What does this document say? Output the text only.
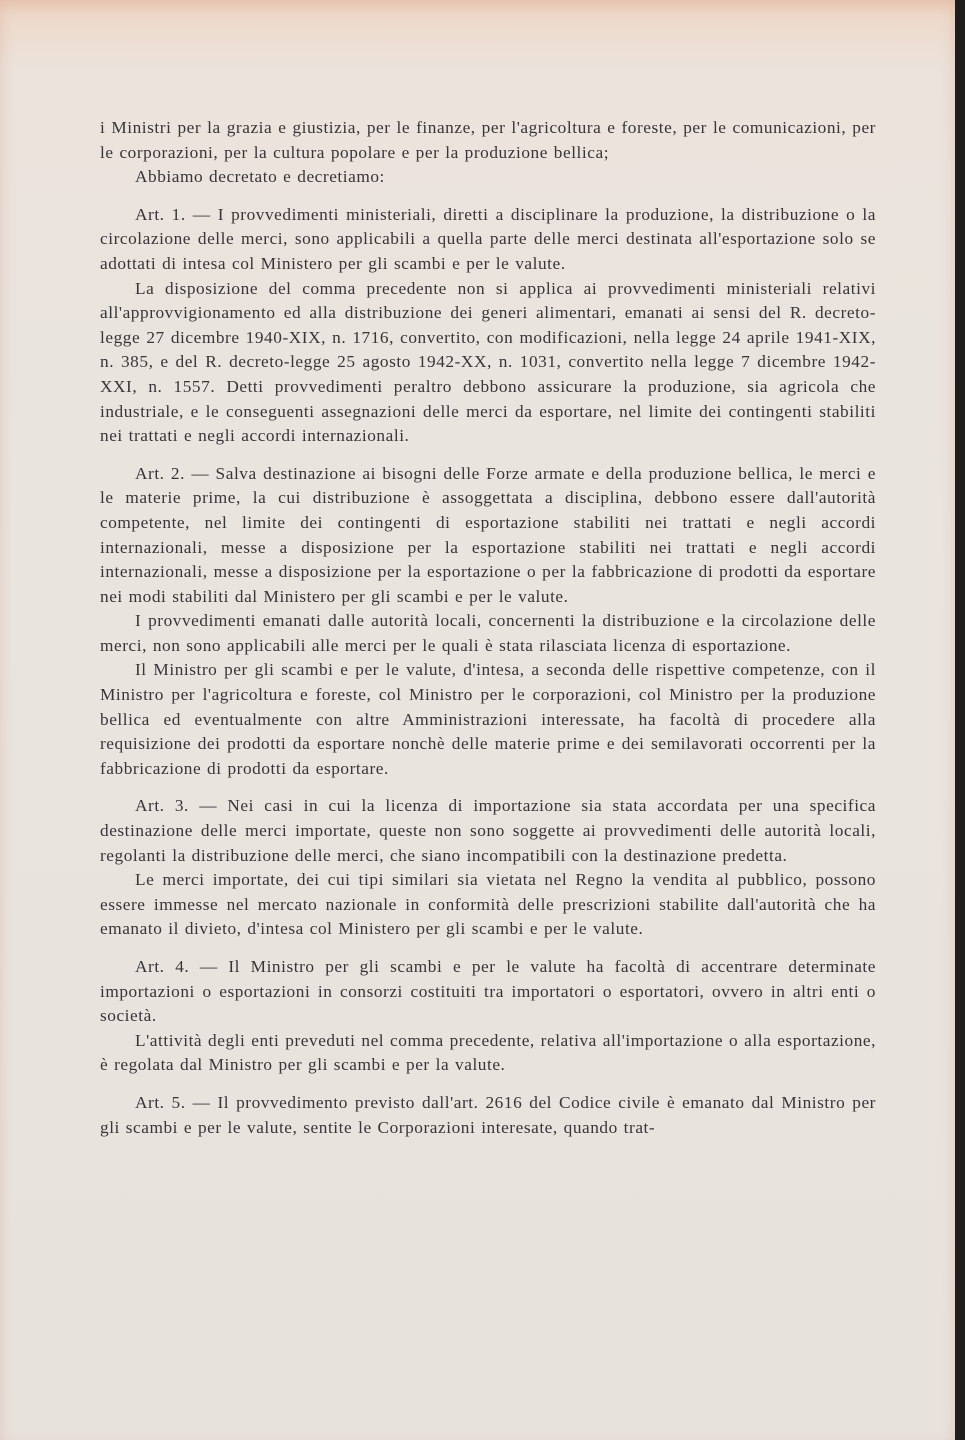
i Ministri per la grazia e giustizia, per le finanze, per l'agricoltura e foreste, per le comunicazioni, per le corporazioni, per la cultura popolare e per la produzione bellica;

Abbiamo decretato e decretiamo:

Art. 1. — I provvedimenti ministeriali, diretti a disciplinare la produzione, la distribuzione o la circolazione delle merci, sono applicabili a quella parte delle merci destinata all'esportazione solo se adottati di intesa col Ministero per gli scambi e per le valute.

La disposizione del comma precedente non si applica ai provvedimenti ministeriali relativi all'approvvigionamento ed alla distribuzione dei generi alimentari, emanati ai sensi del R. decreto-legge 27 dicembre 1940-XIX, n. 1716, convertito, con modificazioni, nella legge 24 aprile 1941-XIX, n. 385, e del R. decreto-legge 25 agosto 1942-XX, n. 1031, convertito nella legge 7 dicembre 1942-XXI, n. 1557. Detti provvedimenti peraltro debbono assicurare la produzione, sia agricola che industriale, e le conseguenti assegnazioni delle merci da esportare, nel limite dei contingenti stabiliti nei trattati e negli accordi internazionali.

Art. 2. — Salva destinazione ai bisogni delle Forze armate e della produzione bellica, le merci e le materie prime, la cui distribuzione è assoggettata a disciplina, debbono essere dall'autorità competente, nel limite dei contingenti di esportazione stabiliti nei trattati e negli accordi internazionali, messe a disposizione per la esportazione stabiliti nei trattati e negli accordi internazionali, messe a disposizione per la esportazione o per la fabbricazione di prodotti da esportare nei modi stabiliti dal Ministero per gli scambi e per le valute.

I provvedimenti emanati dalle autorità locali, concernenti la distribuzione e la circolazione delle merci, non sono applicabili alle merci per le quali è stata rilasciata licenza di esportazione.

Il Ministro per gli scambi e per le valute, d'intesa, a seconda delle rispettive competenze, con il Ministro per l'agricoltura e foreste, col Ministro per le corporazioni, col Ministro per la produzione bellica ed eventualmente con altre Amministrazioni interessate, ha facoltà di procedere alla requisizione dei prodotti da esportare nonchè delle materie prime e dei semilavorati occorrenti per la fabbricazione di prodotti da esportare.

Art. 3. — Nei casi in cui la licenza di importazione sia stata accordata per una specifica destinazione delle merci importate, queste non sono soggette ai provvedimenti delle autorità locali, regolanti la distribuzione delle merci, che siano incompatibili con la destinazione predetta.

Le merci importate, dei cui tipi similari sia vietata nel Regno la vendita al pubblico, possono essere immesse nel mercato nazionale in conformità delle prescrizioni stabilite dall'autorità che ha emanato il divieto, d'intesa col Ministero per gli scambi e per le valute.

Art. 4. — Il Ministro per gli scambi e per le valute ha facoltà di accentrare determinate importazioni o esportazioni in consorzi costituiti tra importatori o esportatori, ovvero in altri enti o società.

L'attività degli enti preveduti nel comma precedente, relativa all'importazione o alla esportazione, è regolata dal Ministro per gli scambi e per la valute.

Art. 5. — Il provvedimento previsto dall'art. 2616 del Codice civile è emanato dal Ministro per gli scambi e per le valute, sentite le Corporazioni interesate, quando trat-
